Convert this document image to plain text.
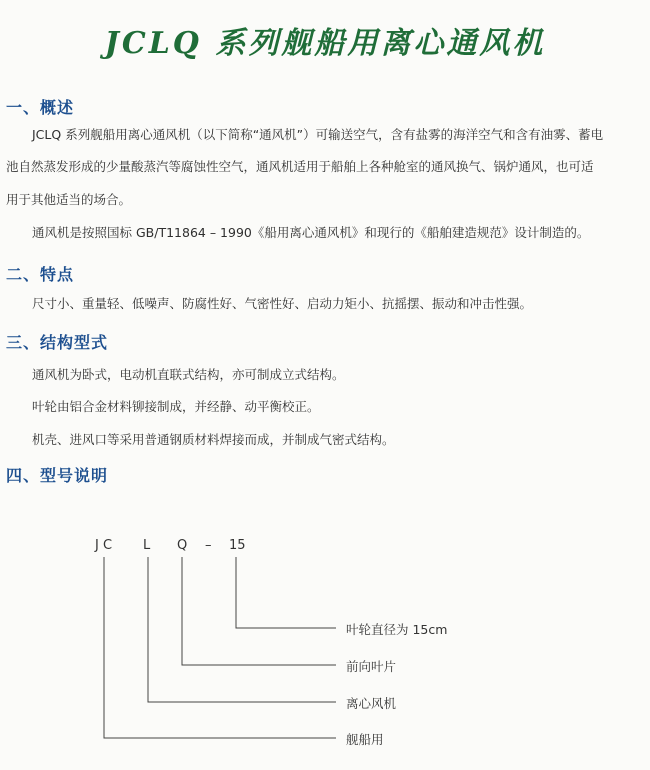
JCLQ 系列舰船用离心通风机
一、概述
JCLQ 系列舰船用离心通风机（以下简称“通风机”）可输送空气，含有盐雾的海洋空气和含有油雾、蓄电
池自然蒸发形成的少量酸蒸汽等腐蚀性空气，通风机适用于船舶上各种舱室的通风换气、锅炉通风，也可适
用于其他适当的场合。
通风机是按照国标 GB/T11864 – 1990《船用离心通风机》和现行的《船舶建造规范》设计制造的。
二、特点
尺寸小、重量轻、低噪声、防腐性好、气密性好、启动力矩小、抗摇摆、振动和冲击性强。
三、结构型式
通风机为卧式，电动机直联式结构，亦可制成立式结构。
叶轮由铝合金材料铆接制成，并经静、动平衡校正。
机壳、进风口等采用普通钢质材料焊接而成，并制成气密式结构。
四、型号说明
J C L Q – 15
叶轮直径为 15cm
前向叶片
离心风机
舰船用
